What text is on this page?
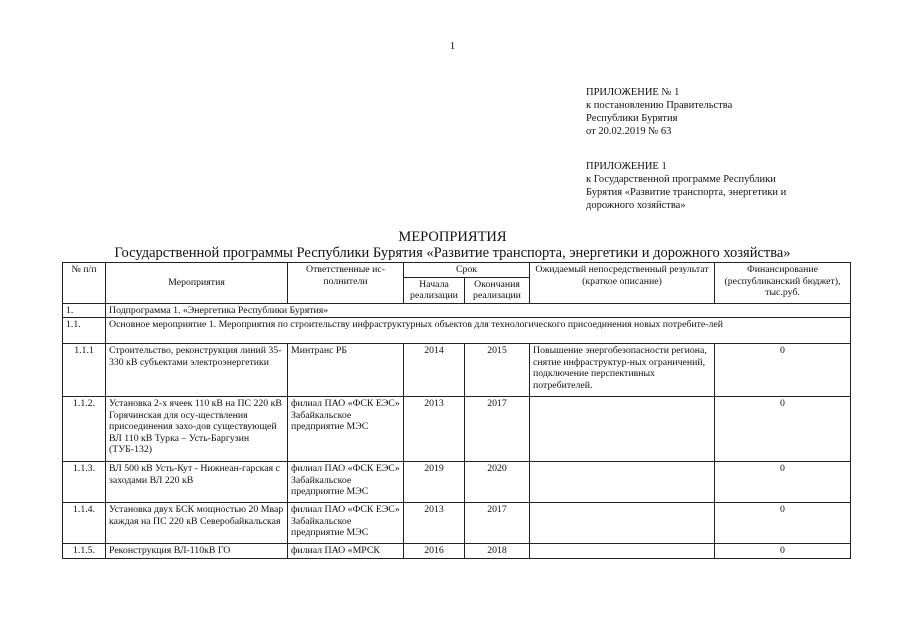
1
ПРИЛОЖЕНИЕ № 1
к постановлению Правительства
Республики Бурятия
от 20.02.2019 № 63
ПРИЛОЖЕНИЕ 1
к Государственной программе Республики
Бурятия «Развитие транспорта, энергетики и
дорожного хозяйства»
МЕРОПРИЯТИЯ
Государственной программы Республики Бурятия «Развитие транспорта, энергетики и дорожного хозяйства»
№ п/п	Мероприятия	Ответственные ис-полнители	Срок		Ожидаемый непосредственный результат (краткое описание)	Финансирование (республиканский бюджет), тыс.руб.
			Начала реализации	Окончания реализации		
1.	Подпрограмма 1. «Энергетика Республики Бурятия»					
1.1.	Основное мероприятие 1. Мероприятия по строительству инфраструктурных объектов для технологического присоединения новых потребите-лей					
1.1.1	Строительство, реконструкция линий 35-330 кВ субъектами электроэнергетики	Минтранс РБ	2014	2015	Повышение энергобезопасности региона, снятие инфраструктур-ных ограничений, подключение перспективных потребителей.	0
1.1.2.	Установка 2-х ячеек 110 кВ на ПС 220 кВ Горячинская для осу-ществления присоединения захо-дов существующей ВЛ 110 кВ Турка – Усть-Баргузин (ТУБ-132)	филиал ПАО «ФСК ЕЭС» Забайкальское предприятие МЭС	2013	2017		0
1.1.3.	ВЛ 500 кВ Усть-Кут - Нижнеан-гарская с заходами ВЛ 220 кВ	филиал ПАО «ФСК ЕЭС» Забайкальское предприятие МЭС	2019	2020		0
1.1.4.	Установка двух БСК мощностью 20 Мвар каждая на ПС 220 кВ Северобайкальская	филиал ПАО «ФСК ЕЭС» Забайкальское предприятие МЭС	2013	2017		0
1.1.5.	Реконструкция ВЛ-110кВ ГО	филиал ПАО «МРСК	2016	2018		0
